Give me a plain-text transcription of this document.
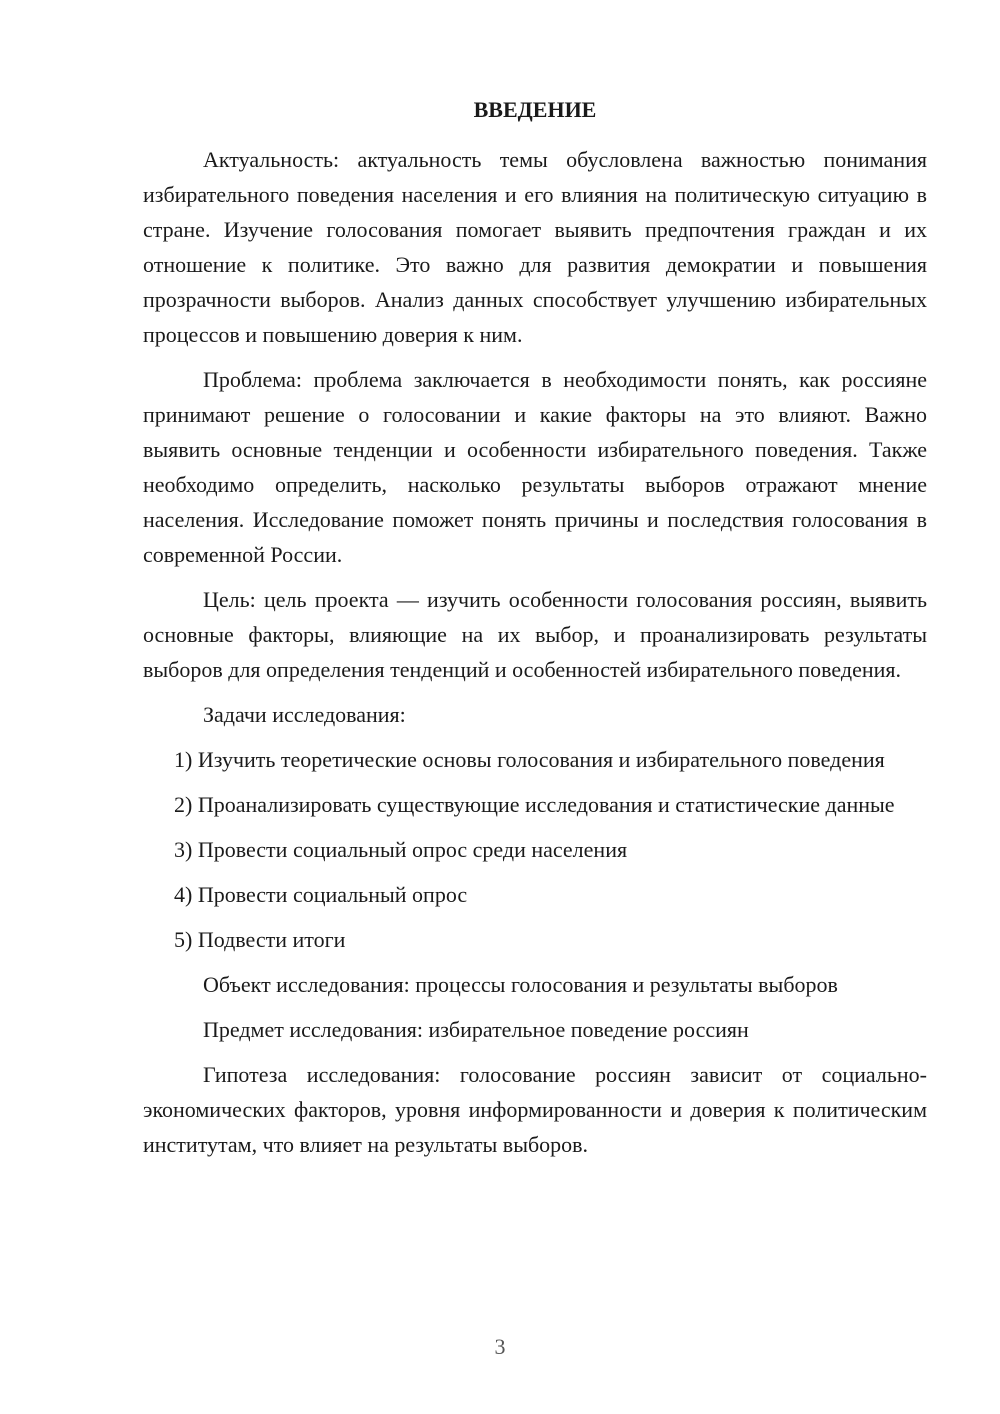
ВВЕДЕНИЕ

Актуальность: актуальность темы обусловлена важностью понимания избирательного поведения населения и его влияния на политическую ситуацию в стране. Изучение голосования помогает выявить предпочтения граждан и их отношение к политике. Это важно для развития демократии и повышения прозрачности выборов. Анализ данных способствует улучшению избирательных процессов и повышению доверия к ним.

Проблема: проблема заключается в необходимости понять, как россияне принимают решение о голосовании и какие факторы на это влияют. Важно выявить основные тенденции и особенности избирательного поведения. Также необходимо определить, насколько результаты выборов отражают мнение населения. Исследование поможет понять причины и последствия голосования в современной России.

Цель: цель проекта — изучить особенности голосования россиян, выявить основные факторы, влияющие на их выбор, и проанализировать результаты выборов для определения тенденций и особенностей избирательного поведения.

Задачи исследования:

1) Изучить теоретические основы голосования и избирательного поведения

2) Проанализировать существующие исследования и статистические данные

3) Провести социальный опрос среди населения

4) Провести социальный опрос

5) Подвести итоги

Объект исследования: процессы голосования и результаты выборов

Предмет исследования: избирательное поведение россиян

Гипотеза исследования: голосование россиян зависит от социально-экономических факторов, уровня информированности и доверия к политическим институтам, что влияет на результаты выборов.

3
